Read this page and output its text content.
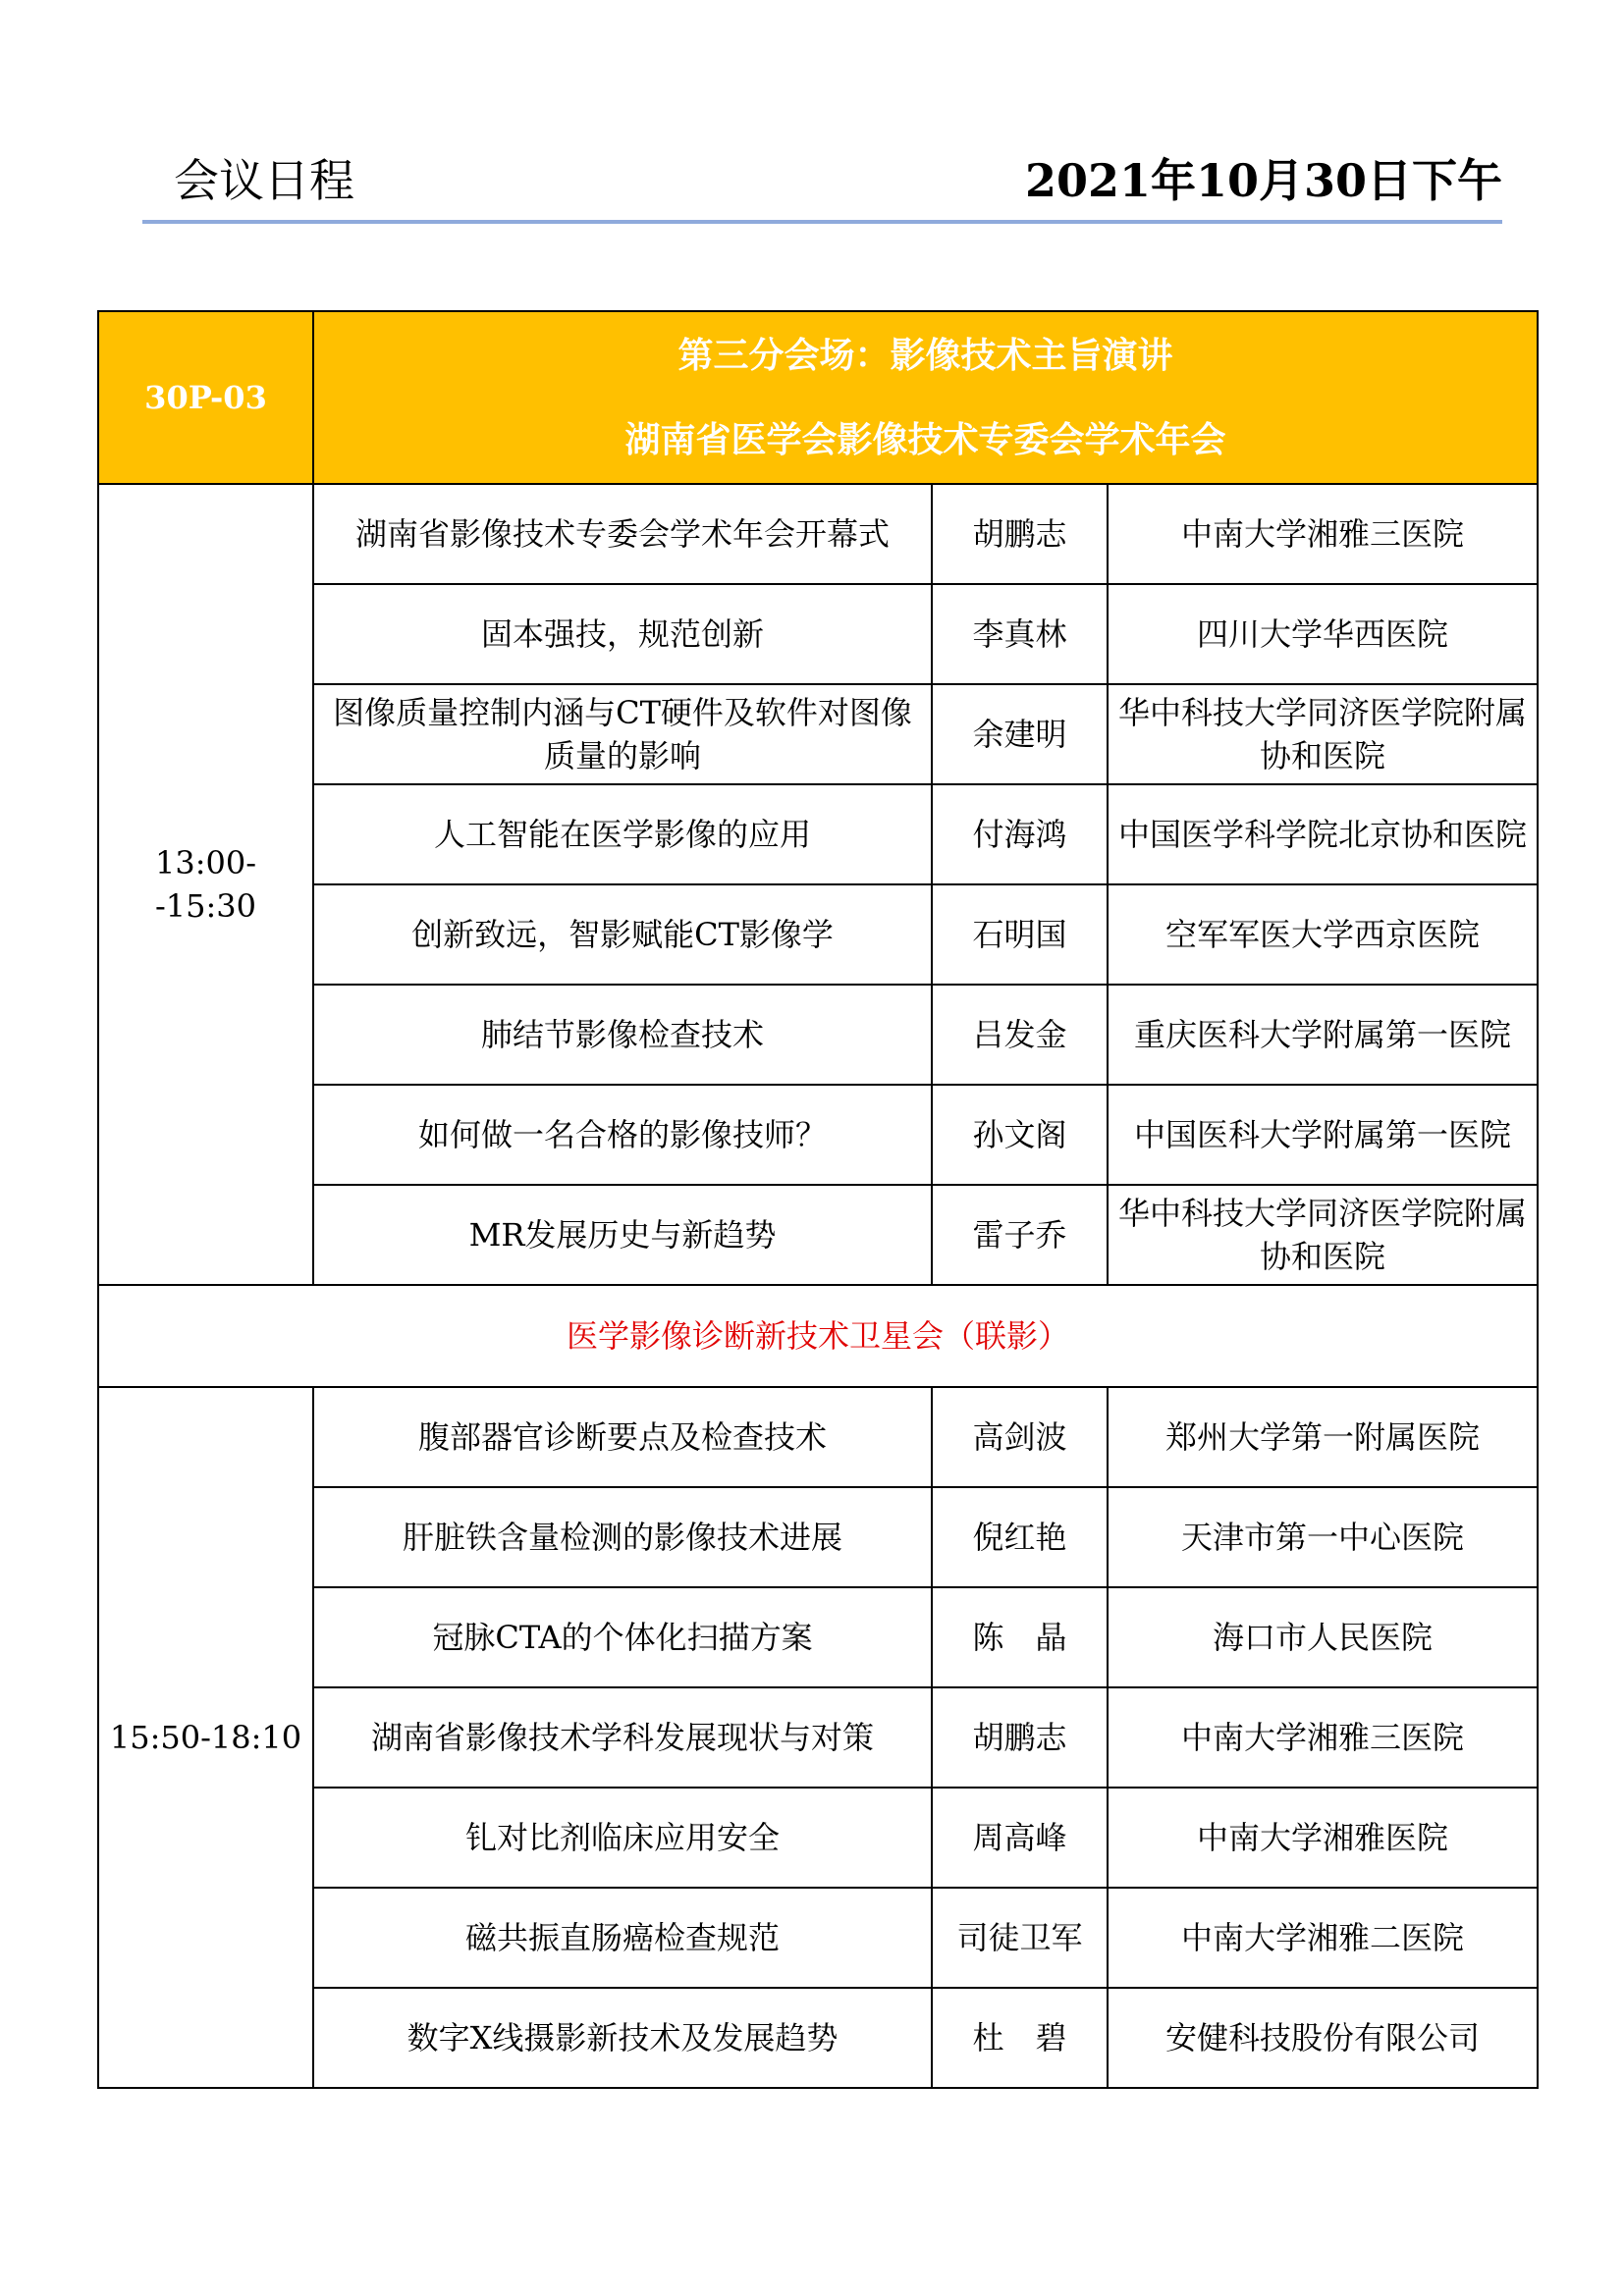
会议日程	2021年10月30日下午
30P-03	第三分会场：影像技术主旨演讲
湖南省医学会影像技术专委会学术年会		

13:00--15:30	湖南省影像技术专委会学术年会开幕式	胡鹏志	中南大学湘雅三医院
	固本强技，规范创新	李真林	四川大学华西医院
	图像质量控制内涵与CT硬件及软件对图像质量的影响	余建明	华中科技大学同济医学院附属协和医院
	人工智能在医学影像的应用	付海鸿	中国医学科学院北京协和医院
	创新致远，智影赋能CT影像学	石明国	空军军医大学西京医院
	肺结节影像检查技术	吕发金	重庆医科大学附属第一医院
	如何做一名合格的影像技师？	孙文阁	中国医科大学附属第一医院
	MR发展历史与新趋势	雷子乔	华中科技大学同济医学院附属协和医院
医学影像诊断新技术卫星会（联影）			
15:50-18:10	腹部器官诊断要点及检查技术	高剑波	郑州大学第一附属医院
	肝脏铁含量检测的影像技术进展	倪红艳	天津市第一中心医院
	冠脉CTA的个体化扫描方案	陈　晶	海口市人民医院
	湖南省影像技术学科发展现状与对策	胡鹏志	中南大学湘雅三医院
	钆对比剂临床应用安全	周高峰	中南大学湘雅医院
	磁共振直肠癌检查规范	司徒卫军	中南大学湘雅二医院
	数字X线摄影新技术及发展趋势	杜　碧	安健科技股份有限公司
